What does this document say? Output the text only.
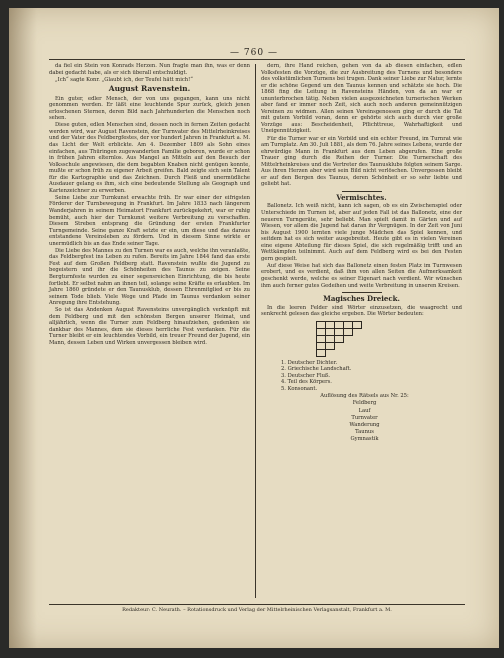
— 760 —

da fiel ein Stein von Konrads Herzen. Nun fragte man ihn, was er denn dabei gedacht habe, als er sich überall entschuldigt.

„Ich“ sagte Konr. „Glaubt ich, der Teufel hätt mich!“

August Ravenstein.

Ein guter, edler Mensch, der von uns gegangen, kann uns nicht genommen werden. Er läßt eine leuchtende Spur zurück, gleich jenen erloschenen Sternen, deren Bild nach Jahrhunderten die Menschen noch sehen.

Diese guten, edlen Menschen sind, dessen noch in fernen Zeiten gedacht werden wird, war August Ravenstein, der Turnvater des Mittelrheinkreises und der Vater des Feldbergfestes, der vor hundert Jahren in Frankfurt a. M. das Licht der Welt erblickte. Am 4. Dezember 1809 als Sohn eines einfachen, aus Thüringen zugewanderten Familie geboren, wurde er schon in frühen Jahren elternlos. Aus Mangel an Mitteln auf den Besuch der Volksschule angewiesen, die dem begabten Knaben nicht genügen konnte, mußte er schon früh zu eigener Arbeit greifen. Bald zeigte sich sein Talent für die Kartographie und das Zeichnen. Durch Fleiß und unermüdliche Ausdauer gelang es ihm, sich eine bedeutende Stellung als Geograph und Kartenzeichner zu erwerben.

Seine Liebe zur Turnkunst erwachte früh. Er war einer der eifrigsten Förderer der Turnbewegung in Frankfurt. Im Jahre 1833 nach längerem Wanderjahren in seinem Heimatort Frankfurt zurückgekehrt, war er ruhig bemüht, auch hier der Turnkunst weitere Verbreitung zu verschaffen. Diesem Streben entsprang die Gründung der ersten Frankfurter Turngemeinde. Seine ganze Kraft setzte er ein, um diese und das daraus entstandene Vereinsleben zu fördern. Und in diesem Sinne wirkte er unermüdlich bis an das Ende seiner Tage.

Die Liebe des Mannes zu den Turnen war es auch, welche ihn veranlaßte, das Feldbergfest ins Leben zu rufen. Bereits im Jahre 1844 fand das erste Fest auf dem Großen Feldberg statt. Ravenstein wußte die Jugend zu begeistern und ihr die Schönheiten des Taunus zu zeigen. Seine Bergturnfeste wurden zu einer segensreichen Einrichtung, die bis heute fortlebt. Er selbst nahm an ihnen teil, solange seine Kräfte es erlaubten. Im Jahre 1860 gründete er den Taunusklub, dessen Ehrenmitglied er bis zu seinem Tode blieb. Viele Wege und Pfade im Taunus verdanken seiner Anregung ihre Entstehung.

So ist das Andenken August Ravensteins unvergänglich verknüpft mit dem Feldberg und mit den schönsten Bergen unserer Heimat, und alljährlich, wenn die Turner zum Feldberg hinaufziehen, gedenken sie dankbar des Mannes, dem sie dieses herrliche Fest verdanken. Für die Turner bleibt er ein leuchtendes Vorbild, ein treuer Freund der Jugend, ein Mann, dessen Leben und Wirken unvergessen bleiben wird.

dern, ihre Hand reichen, gehen von da ab diesen einfachen, edlen Volksfesten die Vorzüge, die zur Ausbreitung des Turnens und besonders des volkstümlichen Turnens bei trugen. Dank seiner Liebe zur Natur, lernte er die schöne Gegend um den Taunus kennen und schätzte sie hoch. Die 1868 fing die Leitung in Ravensteins Händen, von da an war er ununterbrochen tätig. Neben vielen ausgezeichneten turnerischen Werken aber fand er immer noch Zeit, sich auch noch anderen gemeinnützigen Vereinen zu widmen. Allen seinen Vereinsgenossen ging er durch die Tat mit gutem Vorbild voran, denn er gehörte sich auch durch vier große Vorzüge aus: Bescheidenheit, Pflichttreue, Wahrhaftigkeit und Uneigennützigkeit.

Für die Turner war er ein Vorbild und ein echter Freund, im Turnrat wie am Turnplatz. Am 30. Juli 1881, als dem 76. Jahre seines Lebens, wurde der ehrwürdige Mann in Frankfurt aus dem Leben abgerufen. Eine große Trauer ging durch die Reihen der Turner. Die Turnerschaft des Mittelrheinkreises und die Vertreter des Taunusklubs folgten seinem Sarge. Aus ihren Herzen aber wird sein Bild nicht verlöschen. Unvergessen bleibt er auf den Bergen des Taunus, deren Schönheit er so sehr liebte und geliebt hat.

Vermischtes.

Ballonetz. Ich weiß nicht, kann ich sagen, ob es ein Zwischenspiel oder Unterschiede im Turnen ist, aber auf jeden Fall ist das Ballonetz, eine der neueren Turngeräte, sehr beliebt. Man spielt damit in Gärten und auf Wiesen, vor allem die Jugend hat daran ihr Vergnügen. In der Zeit von Juni bis August 1900 lernten viele junge Mädchen das Spiel kennen, und seitdem hat es sich weiter ausgebreitet. Heute gibt es in vielen Vereinen eine eigene Abteilung für dieses Spiel, die sich regelmäßig trifft und an Wettkämpfen teilnimmt. Auch auf dem Feldberg wird es bei den Festen gern gespielt.

Auf diese Weise hat sich das Ballonetz einen festen Platz im Turnwesen erobert, und es verdient, daß ihm von allen Seiten die Aufmerksamkeit geschenkt werde, welche es seiner Eigenart nach verdient. Wir wünschen ihm auch ferner gutes Gedeihen und weite Verbreitung in unseren Kreisen.

Magisches Dreieck.

In die leeren Felder sind Wörter einzusetzen, die waagrecht und senkrecht gelesen das gleiche ergeben. Die Wörter bedeuten:

1. Deutscher Dichter.
2. Griechische Landschaft.
3. Deutscher Fluß.
4. Teil des Körpers.
5. Konsonant.

Auflösung des Rätsels aus Nr. 25:

Feldberg

Lauf

Turnvater

Wanderung

Taunus

Gymnastik

Redakteur: C. Neurath. – Rotationsdruck und Verlag der Mittelrheinischen Verlagsanstalt, Frankfurt a. M.
